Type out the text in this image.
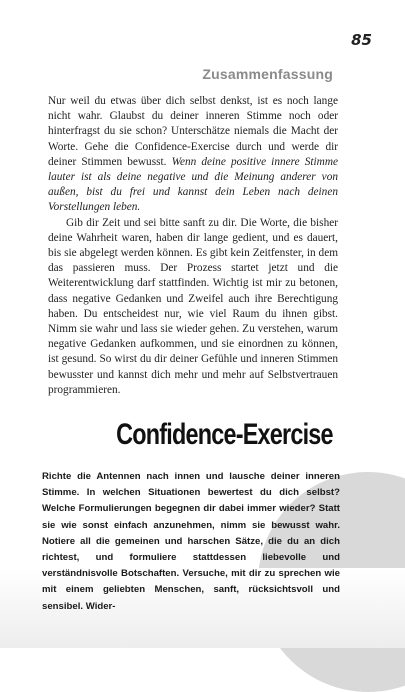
85
Zusammenfassung

Nur weil du etwas über dich selbst denkst, ist es noch lange nicht wahr. Glaubst du deiner inneren Stimme noch oder hinterfragst du sie schon? Unterschätze niemals die Macht der Worte. Gehe die Confidence-Exercise durch und werde dir deiner Stimmen bewusst. Wenn deine positive innere Stimme lauter ist als deine negative und die Meinung anderer von außen, bist du frei und kannst dein Leben nach deinen Vorstellungen leben.

Gib dir Zeit und sei bitte sanft zu dir. Die Worte, die bisher deine Wahrheit waren, haben dir lange gedient, und es dauert, bis sie abgelegt werden können. Es gibt kein Zeitfenster, in dem das passieren muss. Der Prozess startet jetzt und die Weiterentwicklung darf stattfinden. Wichtig ist mir zu betonen, dass negative Gedanken und Zweifel auch ihre Berechtigung haben. Du entscheidest nur, wie viel Raum du ihnen gibst. Nimm sie wahr und lass sie wieder gehen. Zu verstehen, warum negative Gedanken aufkommen, und sie einordnen zu können, ist gesund. So wirst du dir deiner Gefühle und inneren Stimmen bewusster und kannst dich mehr und mehr auf Selbstvertrauen programmieren.

Confidence-Exercise

Richte die Antennen nach innen und lausche deiner inneren Stimme. In welchen Situationen bewertest du dich selbst? Welche Formulierungen begegnen dir dabei immer wieder? Statt sie wie sonst einfach anzunehmen, nimm sie bewusst wahr. Notiere all die gemeinen und harschen Sätze, die du an dich richtest, und formuliere stattdessen liebevolle und verständnisvolle Botschaften. Versuche, mit dir zu sprechen wie mit einem geliebten Menschen, sanft, rücksichtsvoll und sensibel. Wider-
